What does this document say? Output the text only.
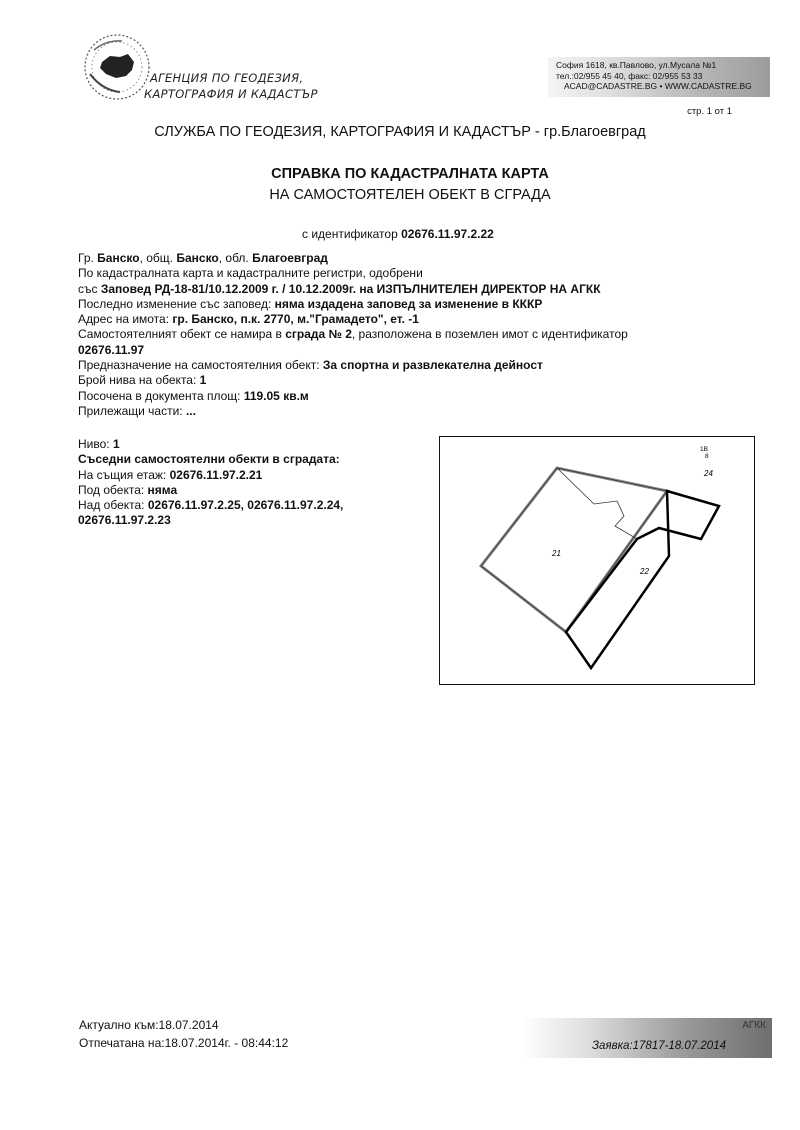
АГЕНЦИЯ ПО ГЕОДЕЗИЯ,
КАРТОГРАФИЯ И КАДАСТЪР
София 1618, кв.Павлово, ул.Мусала №1
тел.:02/955 45 40, факс: 02/955 53 33
ACAD@CADASTRE.BG • WWW.CADASTRE.BG
стр. 1 от 1
СЛУЖБА ПО ГЕОДЕЗИЯ, КАРТОГРАФИЯ И КАДАСТЪР - гр.Благоевград
СПРАВКА ПО КАДАСТРАЛНАТА КАРТА
НА САМОСТОЯТЕЛЕН ОБЕКТ В СГРАДА
с идентификатор 02676.11.97.2.22
Гр. Банско, общ. Банско, обл. Благоевград
По кадастралната карта и кадастралните регистри, одобрени
със Заповед РД-18-81/10.12.2009 г. / 10.12.2009г. на ИЗПЪЛНИТЕЛЕН ДИРЕКТОР НА АГКК
Последно изменение със заповед: няма издадена заповед за изменение в КККР
Адрес на имота: гр. Банско, п.к. 2770, м."Грамадето", ет. -1
Самостоятелният обект се намира в сграда № 2, разположена в поземлен имот с идентификатор
02676.11.97
Предназначение на самостоятелния обект: За спортна и развлекателна дейност
Брой нива на обекта: 1
Посочена в документа площ: 119.05 кв.м
Прилежащи части: ...
Ниво: 1
Съседни самостоятелни обекти в сградата:
На същия етаж: 02676.11.97.2.21
Под обекта: няма
Над обекта: 02676.11.97.2.25, 02676.11.97.2.24,
02676.11.97.2.23
21
22
24
1В
8
Актуално към:18.07.2014
Отпечатана на:18.07.2014г. - 08:44:12
АГКК
Заявка:17817-18.07.2014
